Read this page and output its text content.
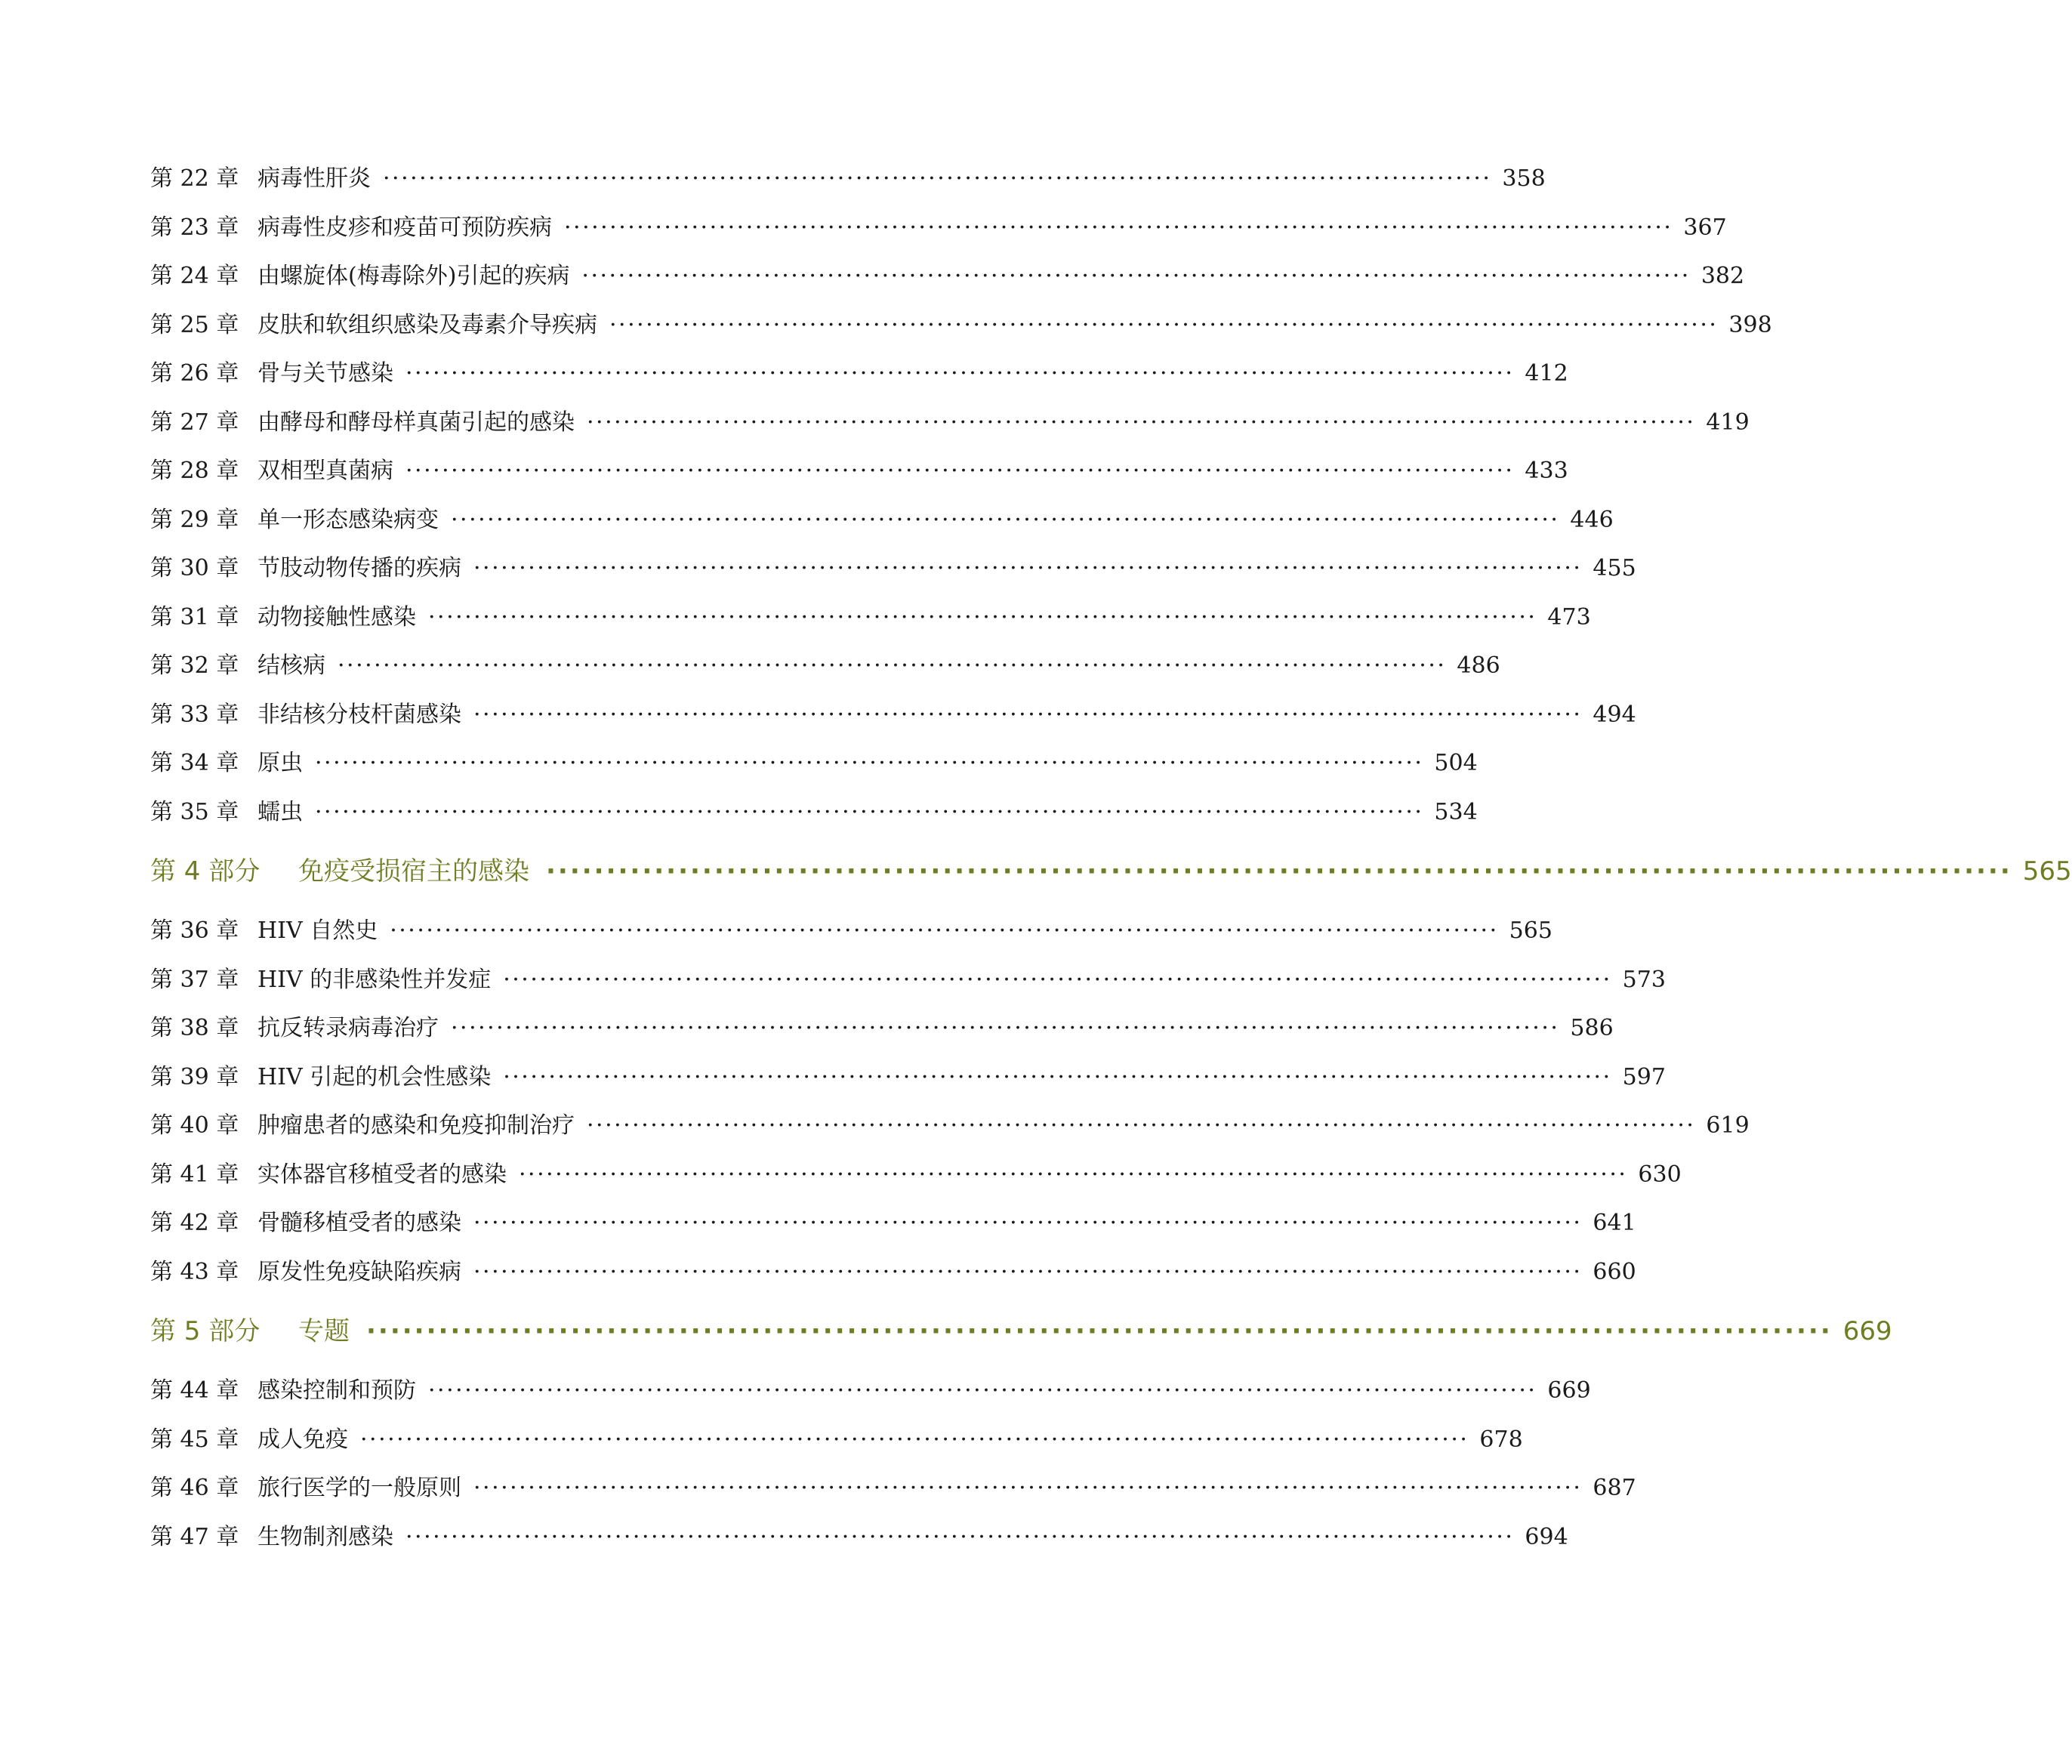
第 22 章 病毒性肝炎 ·························································································································· 358
第 23 章 病毒性皮疹和疫苗可预防疾病 ·························································································································· 367
第 24 章 由螺旋体(梅毒除外)引起的疾病 ·························································································································· 382
第 25 章 皮肤和软组织感染及毒素介导疾病 ·························································································································· 398
第 26 章 骨与关节感染 ·························································································································· 412
第 27 章 由酵母和酵母样真菌引起的感染 ·························································································································· 419
第 28 章 双相型真菌病 ·························································································································· 433
第 29 章 单一形态感染病变 ·························································································································· 446
第 30 章 节肢动物传播的疾病 ·························································································································· 455
第 31 章 动物接触性感染 ·························································································································· 473
第 32 章 结核病 ·························································································································· 486
第 33 章 非结核分枝杆菌感染 ·························································································································· 494
第 34 章 原虫 ·························································································································· 504
第 35 章 蠕虫 ·························································································································· 534
第 4 部分	免疫受损宿主的感染 ·························································································································· 565
第 36 章 HIV 自然史 ·························································································································· 565
第 37 章 HIV 的非感染性并发症 ·························································································································· 573
第 38 章 抗反转录病毒治疗 ·························································································································· 586
第 39 章 HIV 引起的机会性感染 ·························································································································· 597
第 40 章 肿瘤患者的感染和免疫抑制治疗 ·························································································································· 619
第 41 章 实体器官移植受者的感染 ·························································································································· 630
第 42 章 骨髓移植受者的感染 ·························································································································· 641
第 43 章 原发性免疫缺陷疾病 ·························································································································· 660
第 5 部分	专题 ·························································································································· 669
第 44 章 感染控制和预防 ·························································································································· 669
第 45 章 成人免疫 ·························································································································· 678
第 46 章 旅行医学的一般原则 ·························································································································· 687
第 47 章 生物制剂感染 ·························································································································· 694
